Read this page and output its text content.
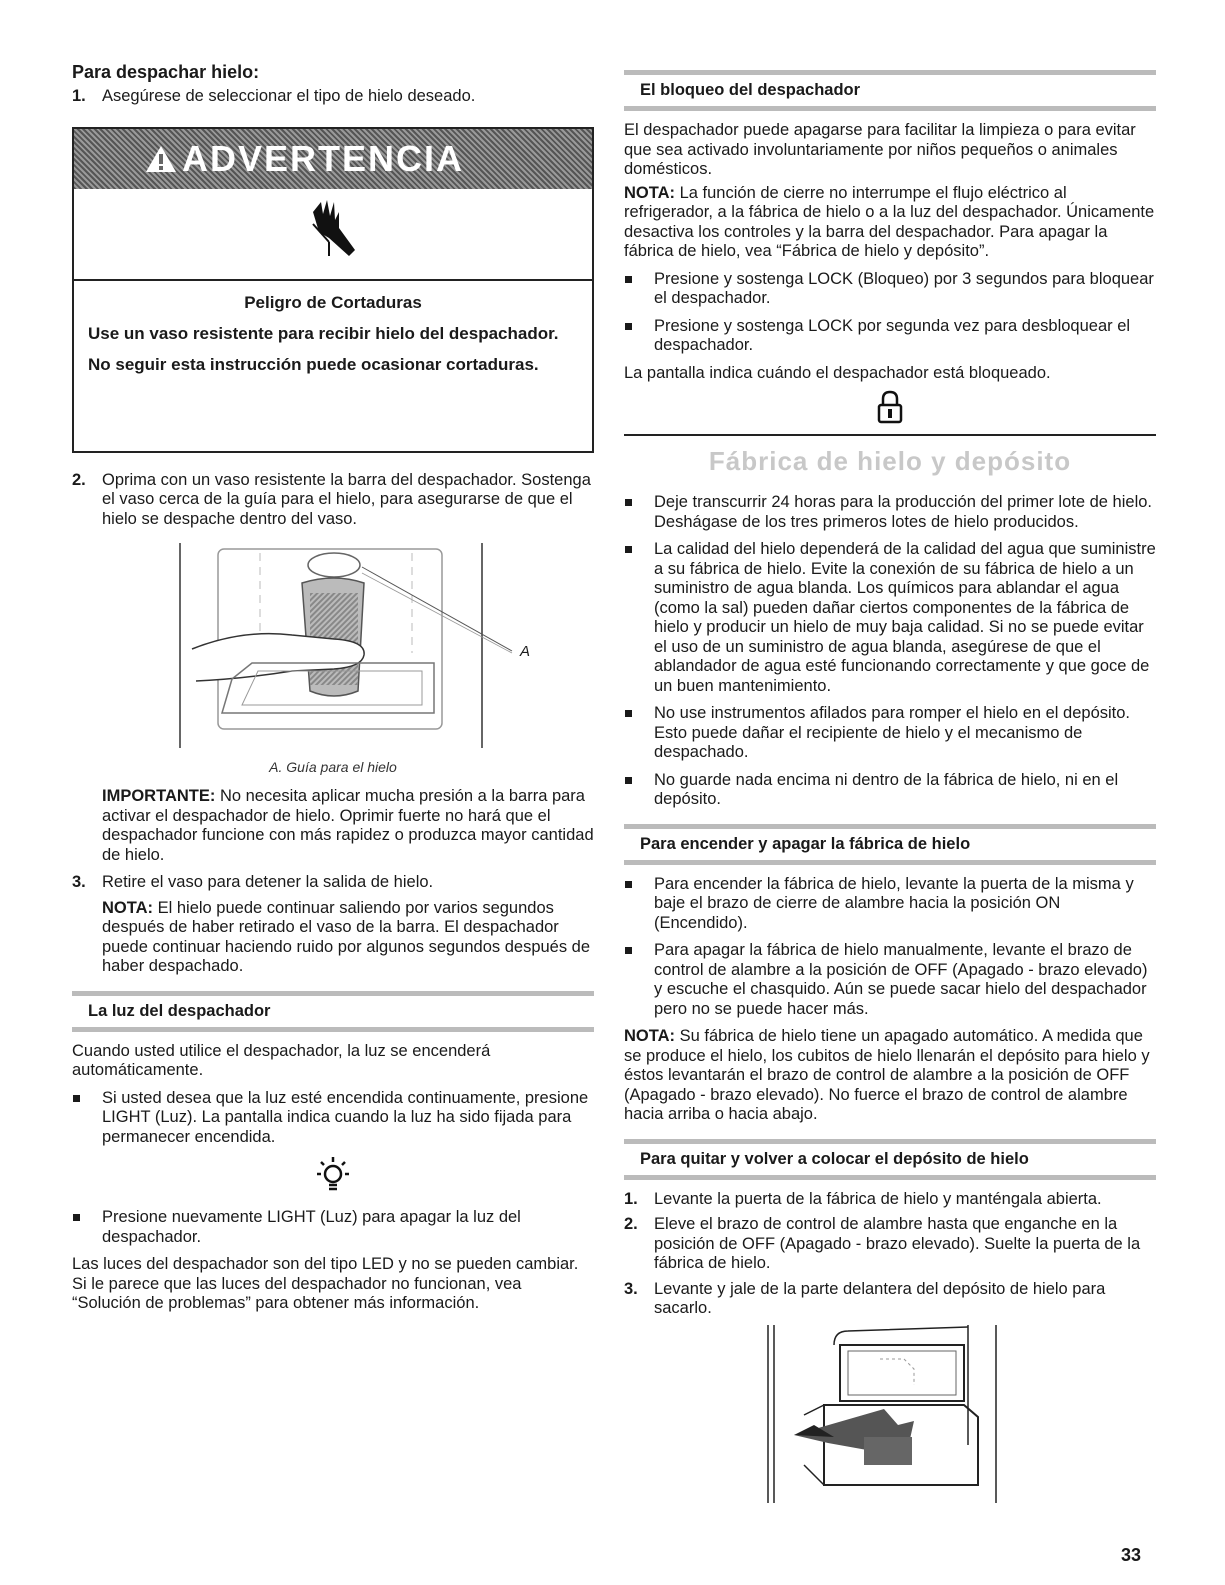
Para despachar hielo:
1. Asegúrese de seleccionar el tipo de hielo deseado.
ADVERTENCIA
Peligro de Cortaduras
Use un vaso resistente para recibir hielo del despachador.
No seguir esta instrucción puede ocasionar cortaduras.
2. Oprima con un vaso resistente la barra del despachador. Sostenga el vaso cerca de la guía para el hielo, para asegurarse de que el hielo se despache dentro del vaso.
A
A. Guía para el hielo

IMPORTANTE: No necesita aplicar mucha presión a la barra para activar el despachador de hielo. Oprimir fuerte no hará que el despachador funcione con más rapidez o produzca mayor cantidad de hielo.

3. Retire el vaso para detener la salida de hielo.

NOTA: El hielo puede continuar saliendo por varios segundos después de haber retirado el vaso de la barra. El despachador puede continuar haciendo ruido por algunos segundos después de haber despachado.

La luz del despachador

Cuando usted utilice el despachador, la luz se encenderá automáticamente.

Si usted desea que la luz esté encendida continuamente, presione LIGHT (Luz). La pantalla indica cuando la luz ha sido fijada para permanecer encendida.
Presione nuevamente LIGHT (Luz) para apagar la luz del despachador.

Las luces del despachador son del tipo LED y no se pueden cambiar. Si le parece que las luces del despachador no funcionan, vea “Solución de problemas” para obtener más información.

El bloqueo del despachador

El despachador puede apagarse para facilitar la limpieza o para evitar que sea activado involuntariamente por niños pequeños o animales domésticos.

NOTA: La función de cierre no interrumpe el flujo eléctrico al refrigerador, a la fábrica de hielo o a la luz del despachador. Únicamente desactiva los controles y la barra del despachador. Para apagar la fábrica de hielo, vea “Fábrica de hielo y depósito”.

Presione y sostenga LOCK (Bloqueo) por 3 segundos para bloquear el despachador.
Presione y sostenga LOCK por segunda vez para desbloquear el despachador.

La pantalla indica cuándo el despachador está bloqueado.

Fábrica de hielo y depósito
Deje transcurrir 24 horas para la producción del primer lote de hielo. Deshágase de los tres primeros lotes de hielo producidos.
La calidad del hielo dependerá de la calidad del agua que suministre a su fábrica de hielo. Evite la conexión de su fábrica de hielo a un suministro de agua blanda. Los químicos para ablandar el agua (como la sal) pueden dañar ciertos componentes de la fábrica de hielo y producir un hielo de muy baja calidad. Si no se puede evitar el uso de un suministro de agua blanda, asegúrese de que el ablandador de agua esté funcionando correctamente y que goce de un buen mantenimiento.
No use instrumentos afilados para romper el hielo en el depósito. Esto puede dañar el recipiente de hielo y el mecanismo de despachado.
No guarde nada encima ni dentro de la fábrica de hielo, ni en el depósito.
Para encender y apagar la fábrica de hielo
Para encender la fábrica de hielo, levante la puerta de la misma y baje el brazo de cierre de alambre hacia la posición ON (Encendido).
Para apagar la fábrica de hielo manualmente, levante el brazo de control de alambre a la posición de OFF (Apagado - brazo elevado) y escuche el chasquido. Aún se puede sacar hielo del despachador pero no se puede hacer más.

NOTA: Su fábrica de hielo tiene un apagado automático. A medida que se produce el hielo, los cubitos de hielo llenarán el depósito para hielo y éstos levantarán el brazo de control de alambre a la posición de OFF (Apagado - brazo elevado). No fuerce el brazo de control de alambre hacia arriba o hacia abajo.

Para quitar y volver a colocar el depósito de hielo
1. Levante la puerta de la fábrica de hielo y manténgala abierta.
2. Eleve el brazo de control de alambre hasta que enganche en la posición de OFF (Apagado - brazo elevado). Suelte la puerta de la fábrica de hielo.
3. Levante y jale de la parte delantera del depósito de hielo para sacarlo.
33
